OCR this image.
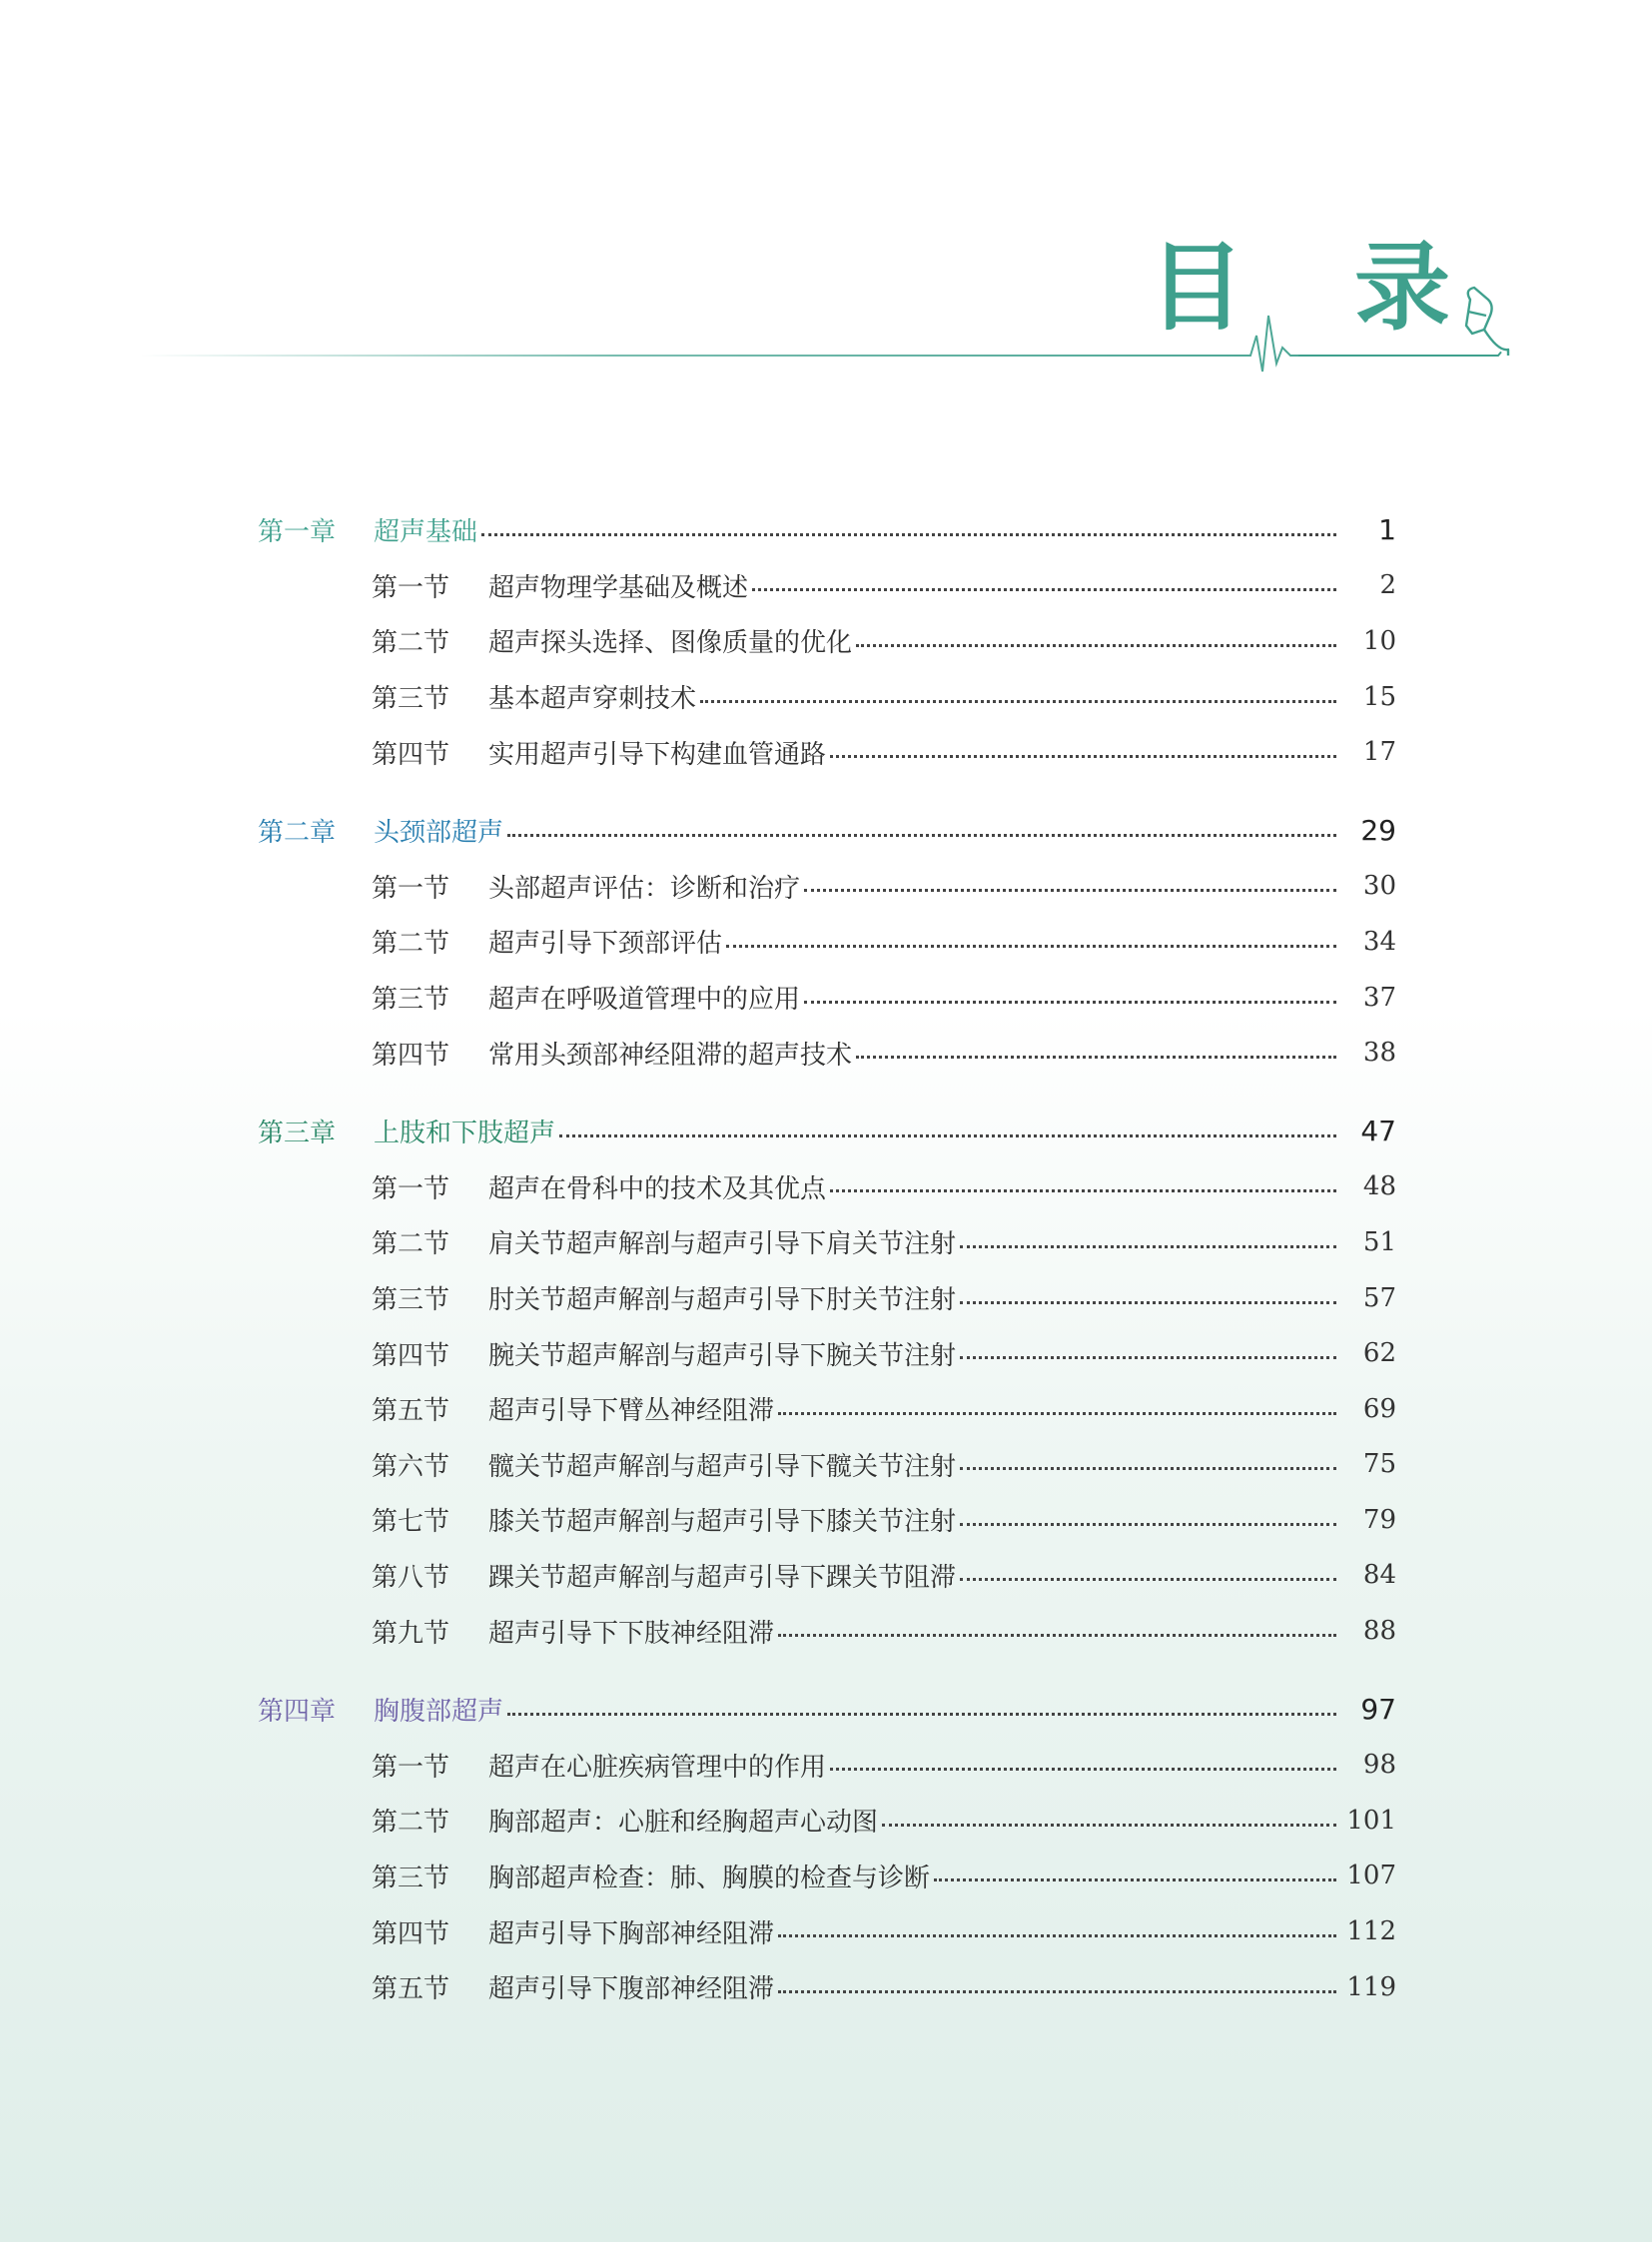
目 录
第一章 超声基础	1
第一节 超声物理学基础及概述	2
第二节 超声探头选择、图像质量的优化	10
第三节 基本超声穿刺技术	15
第四节 实用超声引导下构建血管通路	17
第二章 头颈部超声	29
第一节 头部超声评估：诊断和治疗	30
第二节 超声引导下颈部评估	34
第三节 超声在呼吸道管理中的应用	37
第四节 常用头颈部神经阻滞的超声技术	38
第三章 上肢和下肢超声	47
第一节 超声在骨科中的技术及其优点	48
第二节 肩关节超声解剖与超声引导下肩关节注射	51
第三节 肘关节超声解剖与超声引导下肘关节注射	57
第四节 腕关节超声解剖与超声引导下腕关节注射	62
第五节 超声引导下臂丛神经阻滞	69
第六节 髋关节超声解剖与超声引导下髋关节注射	75
第七节 膝关节超声解剖与超声引导下膝关节注射	79
第八节 踝关节超声解剖与超声引导下踝关节阻滞	84
第九节 超声引导下下肢神经阻滞	88
第四章 胸腹部超声	97
第一节 超声在心脏疾病管理中的作用	98
第二节 胸部超声：心脏和经胸超声心动图	101
第三节 胸部超声检查：肺、胸膜的检查与诊断	107
第四节 超声引导下胸部神经阻滞	112
第五节 超声引导下腹部神经阻滞	119
